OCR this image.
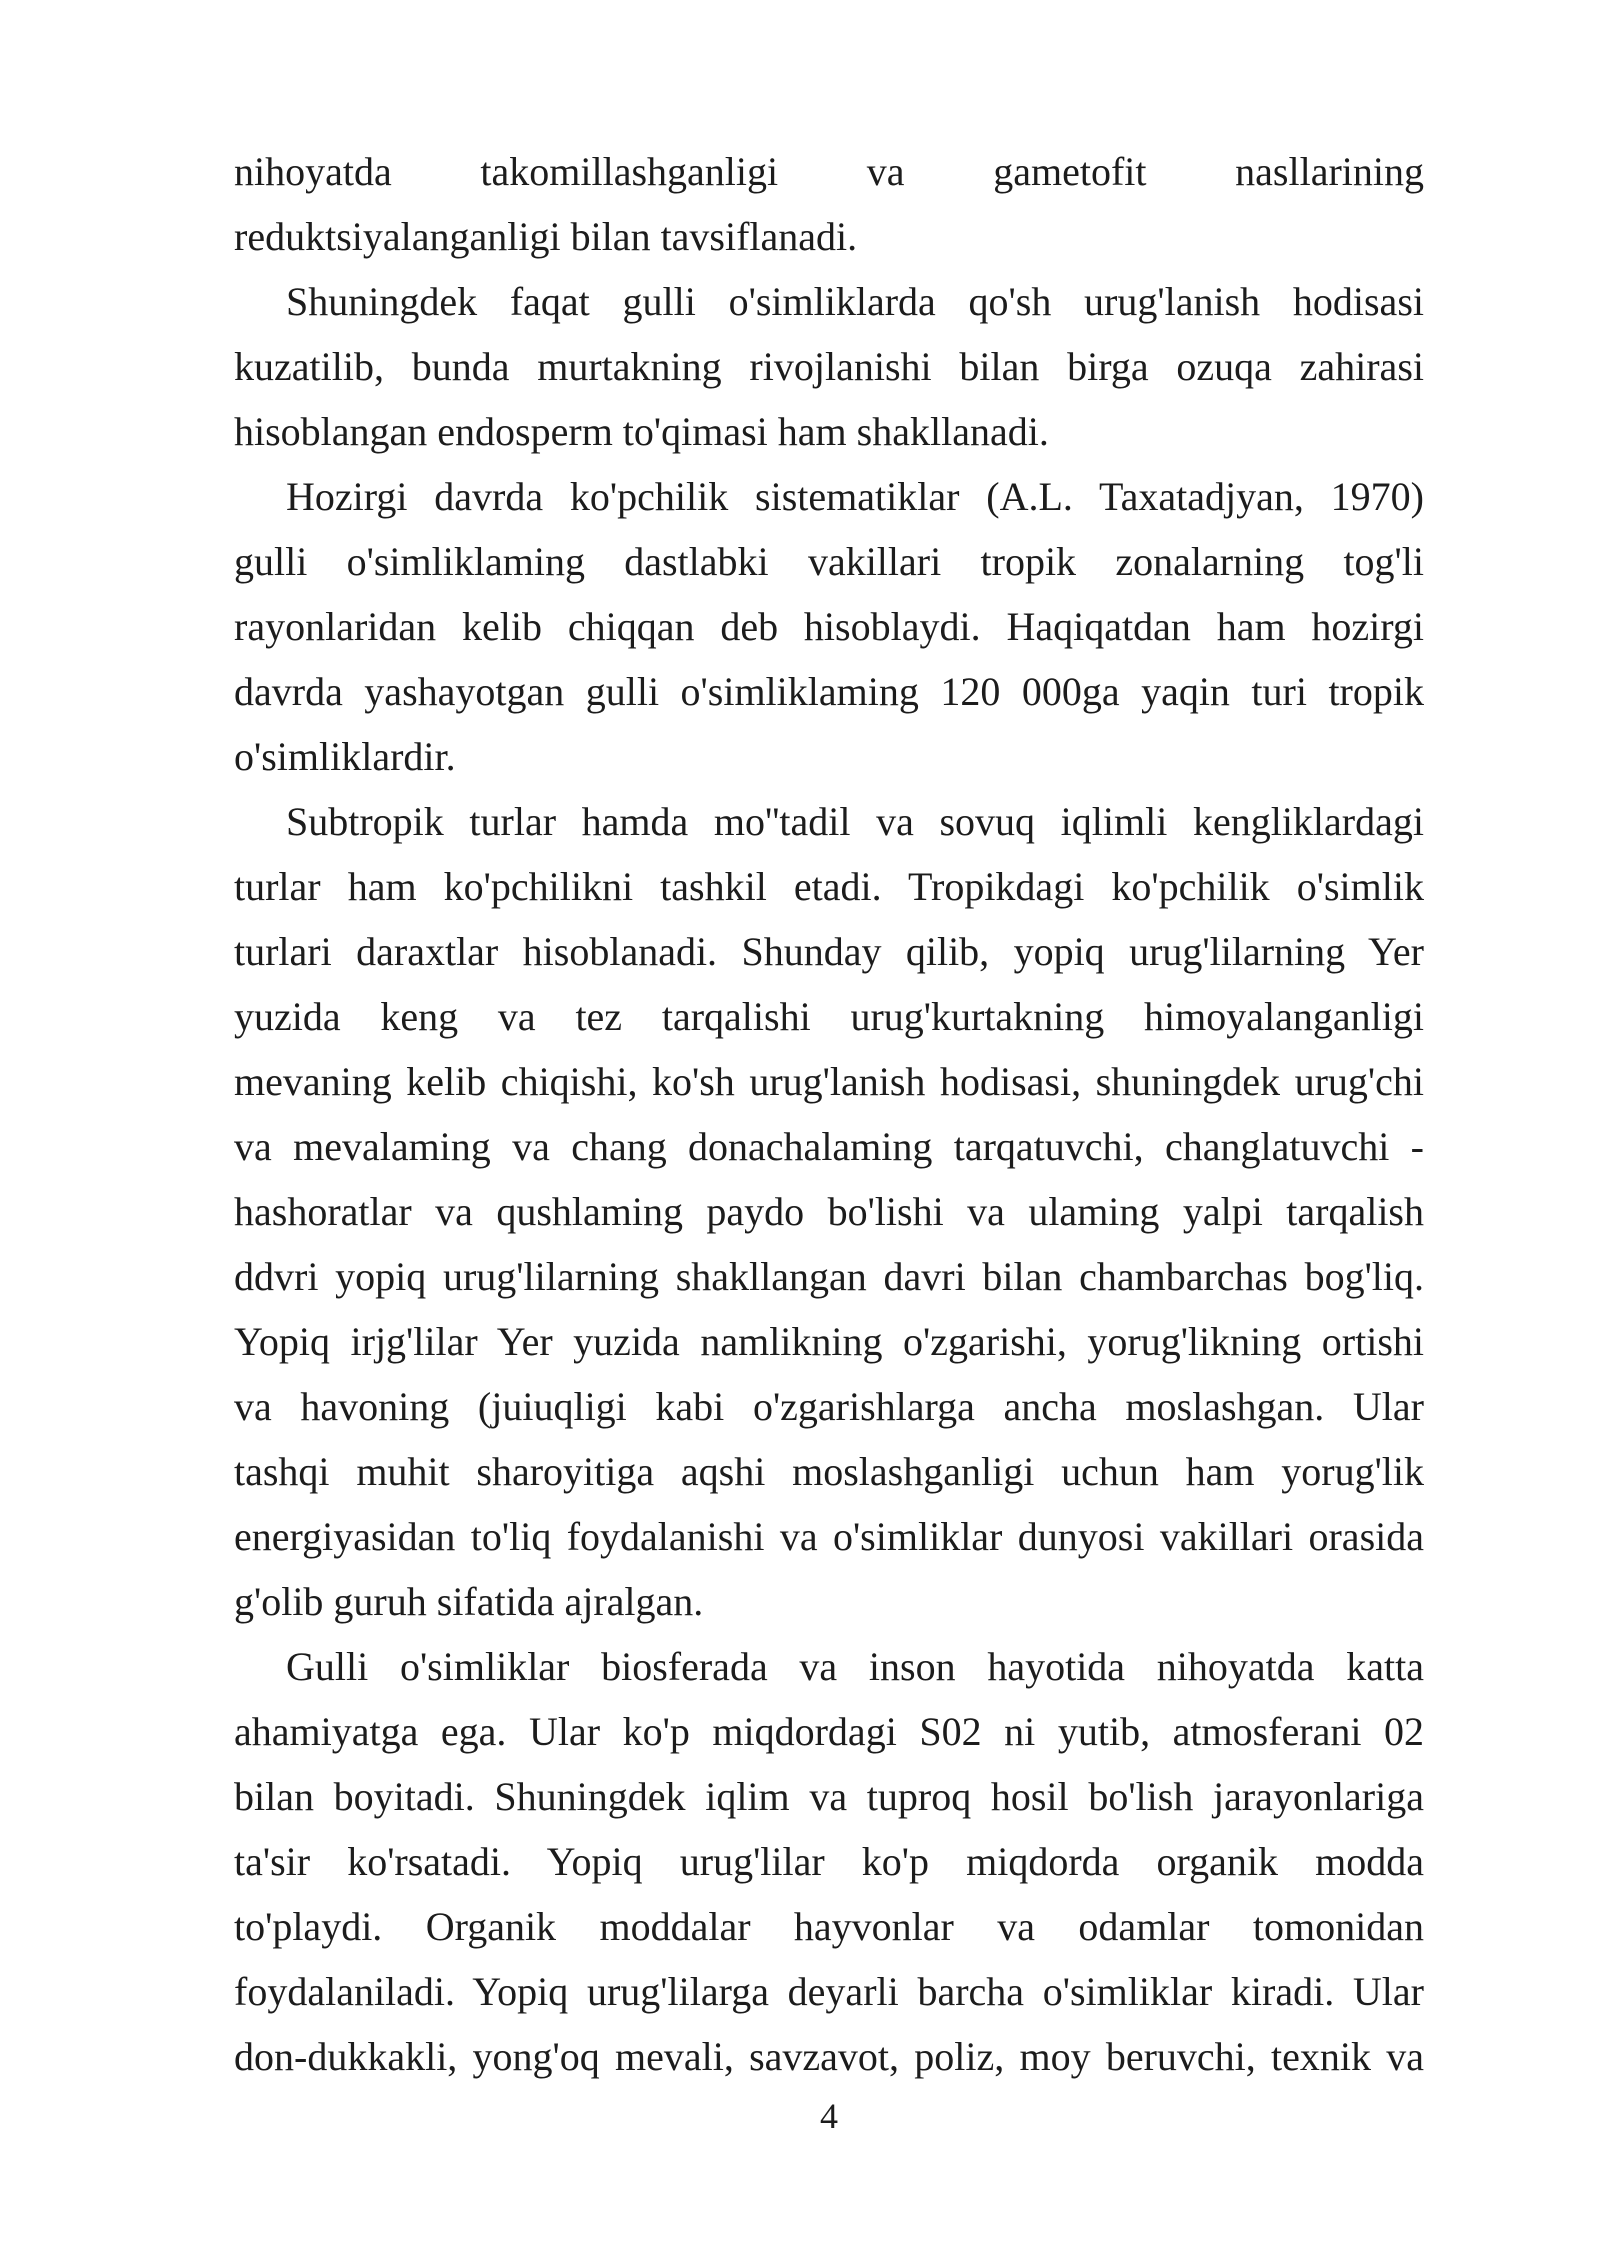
nihoyatda takomillashganligi va gametofit nasllarining
reduktsiyalanganligi bilan tavsiflanadi.
Shuningdek faqat gulli o'simliklarda qo'sh urug'lanish hodisasi
kuzatilib, bunda murtakning rivojlanishi bilan birga ozuqa zahirasi
hisoblangan endosperm to'qimasi ham shakllanadi.
Hozirgi davrda ko'pchilik sistematiklar (A.L. Taxatadjyan, 1970)
gulli o'simliklaming dastlabki vakillari tropik zonalarning tog'li
rayonlaridan kelib chiqqan deb hisoblaydi. Haqiqatdan ham hozirgi
davrda yashayotgan gulli o'simliklaming 120 000ga yaqin turi tropik
o'simliklardir.
Subtropik turlar hamda mo''tadil va sovuq iqlimli kengliklardagi
turlar ham ko'pchilikni tashkil etadi. Tropikdagi ko'pchilik o'simlik
turlari daraxtlar hisoblanadi. Shunday qilib, yopiq urug'lilarning Yer
yuzida keng va tez tarqalishi urug'kurtakning himoyalanganligi
mevaning kelib chiqishi, ko'sh urug'lanish hodisasi, shuningdek urug'chi
va mevalaming va chang donachalaming tarqatuvchi, changlatuvchi -
hashoratlar va qushlaming paydo bo'lishi va ulaming yalpi tarqalish
ddvri yopiq urug'lilarning shakllangan davri bilan chambarchas bog'liq.
Yopiq irjg'lilar Yer yuzida namlikning o'zgarishi, yorug'likning ortishi
va havoning (juiuqligi kabi o'zgarishlarga ancha moslashgan. Ular
tashqi muhit sharoyitiga aqshi moslashganligi uchun ham yorug'lik
energiyasidan to'liq foydalanishi va o'simliklar dunyosi vakillari orasida
g'olib guruh sifatida ajralgan.
Gulli o'simliklar biosferada va inson hayotida nihoyatda katta
ahamiyatga ega. Ular ko'p miqdordagi S02 ni yutib, atmosferani 02
bilan boyitadi. Shuningdek iqlim va tuproq hosil bo'lish jarayonlariga
ta'sir ko'rsatadi. Yopiq urug'lilar ko'p miqdorda organik modda
to'playdi. Organik moddalar hayvonlar va odamlar tomonidan
foydalaniladi. Yopiq urug'lilarga deyarli barcha o'simliklar kiradi. Ular
don-dukkakli, yong'oq mevali, savzavot, poliz, moy beruvchi, texnik va
4
